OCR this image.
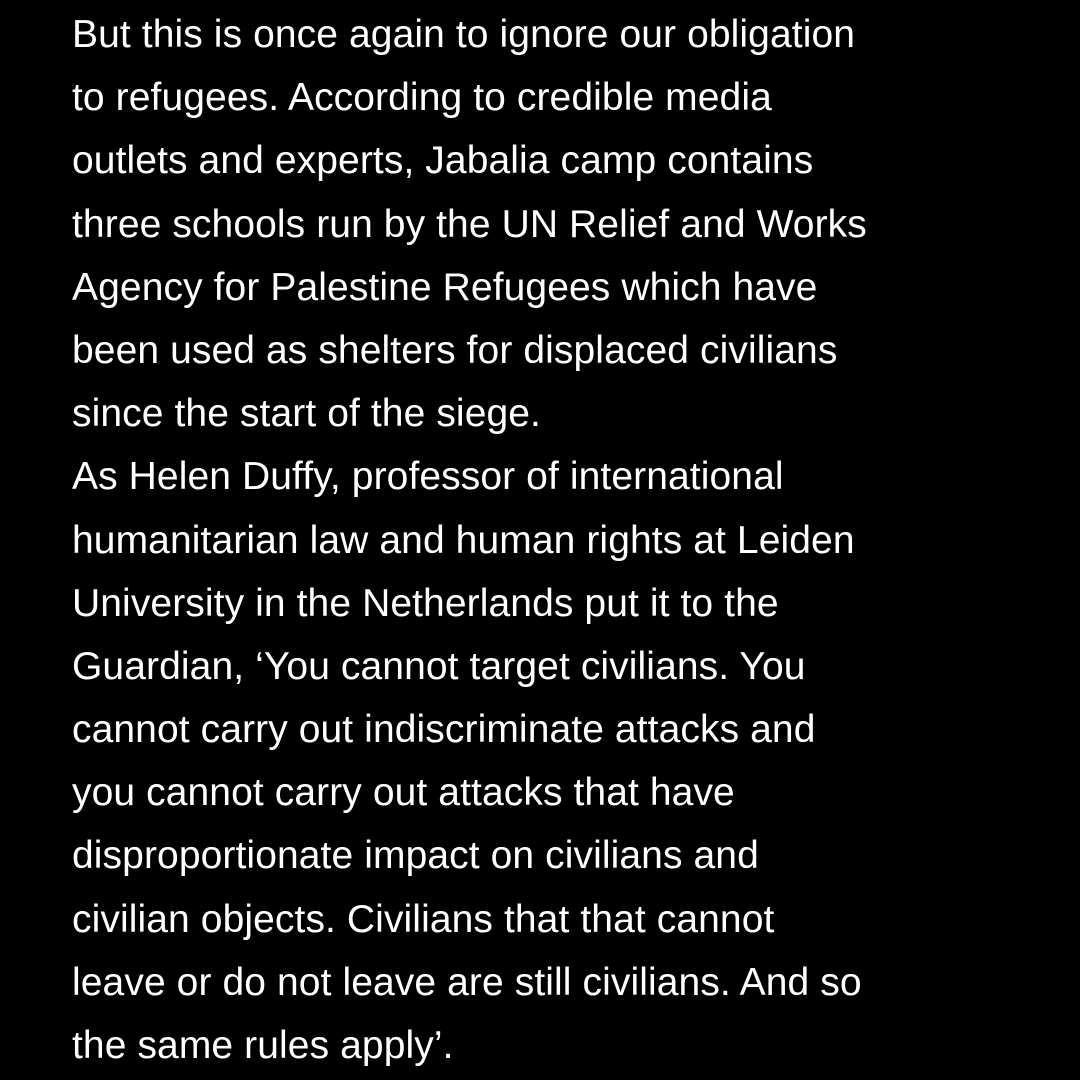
But this is once again to ignore our obligation
to refugees. According to credible media
outlets and experts, Jabalia camp contains
three schools run by the UN Relief and Works
Agency for Palestine Refugees which have
been used as shelters for displaced civilians
since the start of the siege.
As Helen Duffy, professor of international
humanitarian law and human rights at Leiden
University in the Netherlands put it to the
Guardian, ‘You cannot target civilians. You
cannot carry out indiscriminate attacks and
you cannot carry out attacks that have
disproportionate impact on civilians and
civilian objects. Civilians that that cannot
leave or do not leave are still civilians. And so
the same rules apply’.
